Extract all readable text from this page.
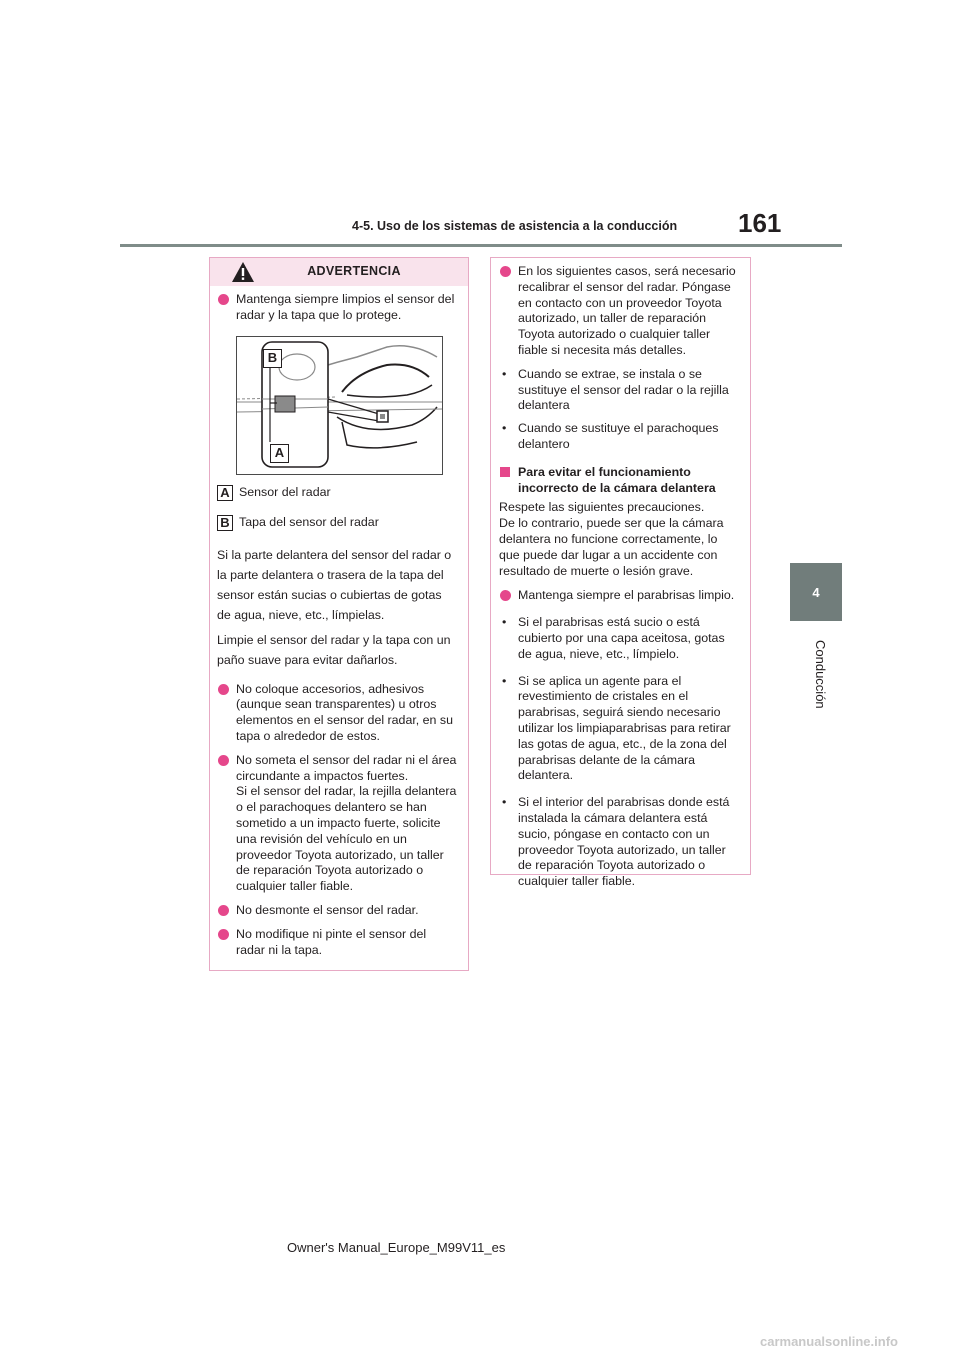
4-5. Uso de los sistemas de asistencia a la conducción 161
4
Conducción
ADVERTENCIA
Mantenga siempre limpios el sensor del radar y la tapa que lo protege.
B
A
A Sensor del radar
B Tapa del sensor del radar

Si la parte delantera del sensor del radar o la parte delantera o trasera de la tapa del sensor están sucias o cubiertas de gotas de agua, nieve, etc., límpielas.

Limpie el sensor del radar y la tapa con un paño suave para evitar dañarlos.

No coloque accesorios, adhesivos (aunque sean transparentes) u otros elementos en el sensor del radar, en su tapa o alrededor de estos.
No someta el sensor del radar ni el área circundante a impactos fuertes.
Si el sensor del radar, la rejilla delantera o el parachoques delantero se han sometido a un impacto fuerte, solicite una revisión del vehículo en un proveedor Toyota autorizado, un taller de reparación Toyota autorizado o cualquier taller fiable.
No desmonte el sensor del radar.
No modifique ni pinte el sensor del radar ni la tapa.
En los siguientes casos, será necesario recalibrar el sensor del radar. Póngase en contacto con un proveedor Toyota autorizado, un taller de reparación Toyota autorizado o cualquier taller fiable si necesita más detalles.
• Cuando se extrae, se instala o se sustituye el sensor del radar o la rejilla delantera
• Cuando se sustituye el parachoques delantero
Para evitar el funcionamiento incorrecto de la cámara delantera

Respete las siguientes precauciones.
De lo contrario, puede ser que la cámara delantera no funcione correctamente, lo que puede dar lugar a un accidente con resultado de muerte o lesión grave.

Mantenga siempre el parabrisas limpio.
• Si el parabrisas está sucio o está cubierto por una capa aceitosa, gotas de agua, nieve, etc., límpielo.
• Si se aplica un agente para el revestimiento de cristales en el parabrisas, seguirá siendo necesario utilizar los limpiaparabrisas para retirar las gotas de agua, etc., de la zona del parabrisas delante de la cámara delantera.
• Si el interior del parabrisas donde está instalada la cámara delantera está sucio, póngase en contacto con un proveedor Toyota autorizado, un taller de reparación Toyota autorizado o cualquier taller fiable.
Owner's Manual_Europe_M99V11_es
carmanualsonline.info
